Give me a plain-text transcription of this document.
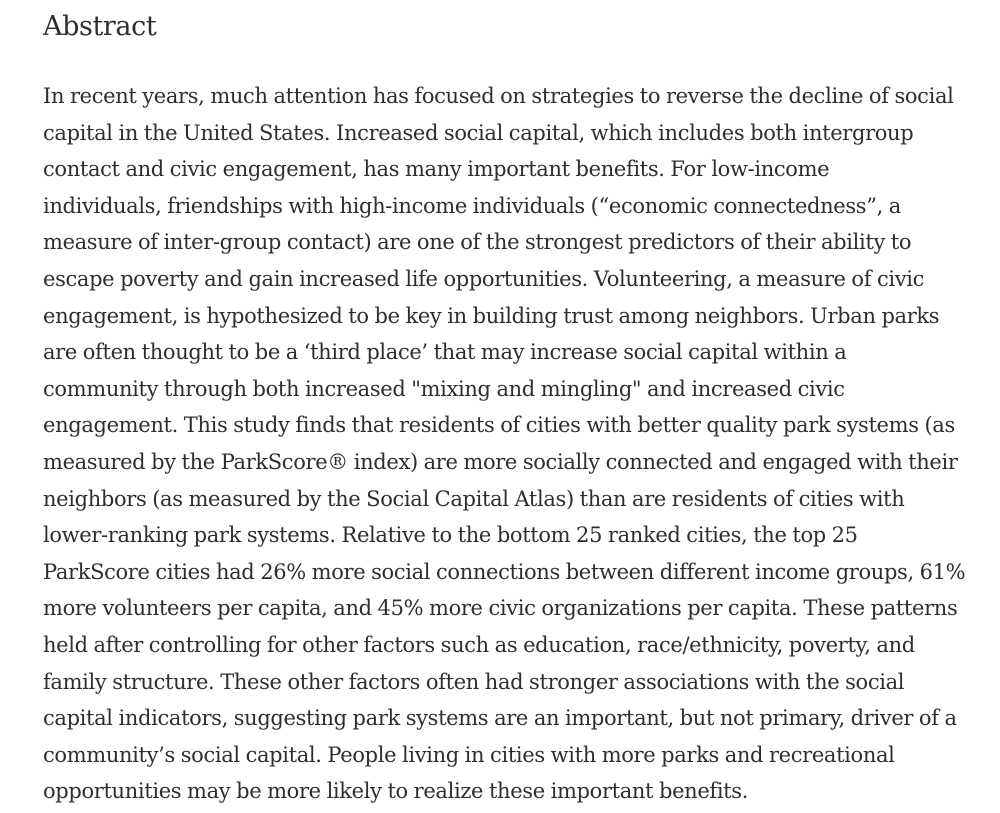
Abstract

In recent years, much attention has focused on strategies to reverse the decline of social
capital in the United States. Increased social capital, which includes both intergroup
contact and civic engagement, has many important benefits. For low-income
individuals, friendships with high-income individuals (“economic connectedness”, a
measure of inter-group contact) are one of the strongest predictors of their ability to
escape poverty and gain increased life opportunities. Volunteering, a measure of civic
engagement, is hypothesized to be key in building trust among neighbors. Urban parks
are often thought to be a ‘third place’ that may increase social capital within a
community through both increased "mixing and mingling" and increased civic
engagement. This study finds that residents of cities with better quality park systems (as
measured by the ParkScore® index) are more socially connected and engaged with their
neighbors (as measured by the Social Capital Atlas) than are residents of cities with
lower-ranking park systems. Relative to the bottom 25 ranked cities, the top 25
ParkScore cities had 26% more social connections between different income groups, 61%
more volunteers per capita, and 45% more civic organizations per capita. These patterns
held after controlling for other factors such as education, race/ethnicity, poverty, and
family structure. These other factors often had stronger associations with the social
capital indicators, suggesting park systems are an important, but not primary, driver of a
community’s social capital. People living in cities with more parks and recreational
opportunities may be more likely to realize these important benefits.
